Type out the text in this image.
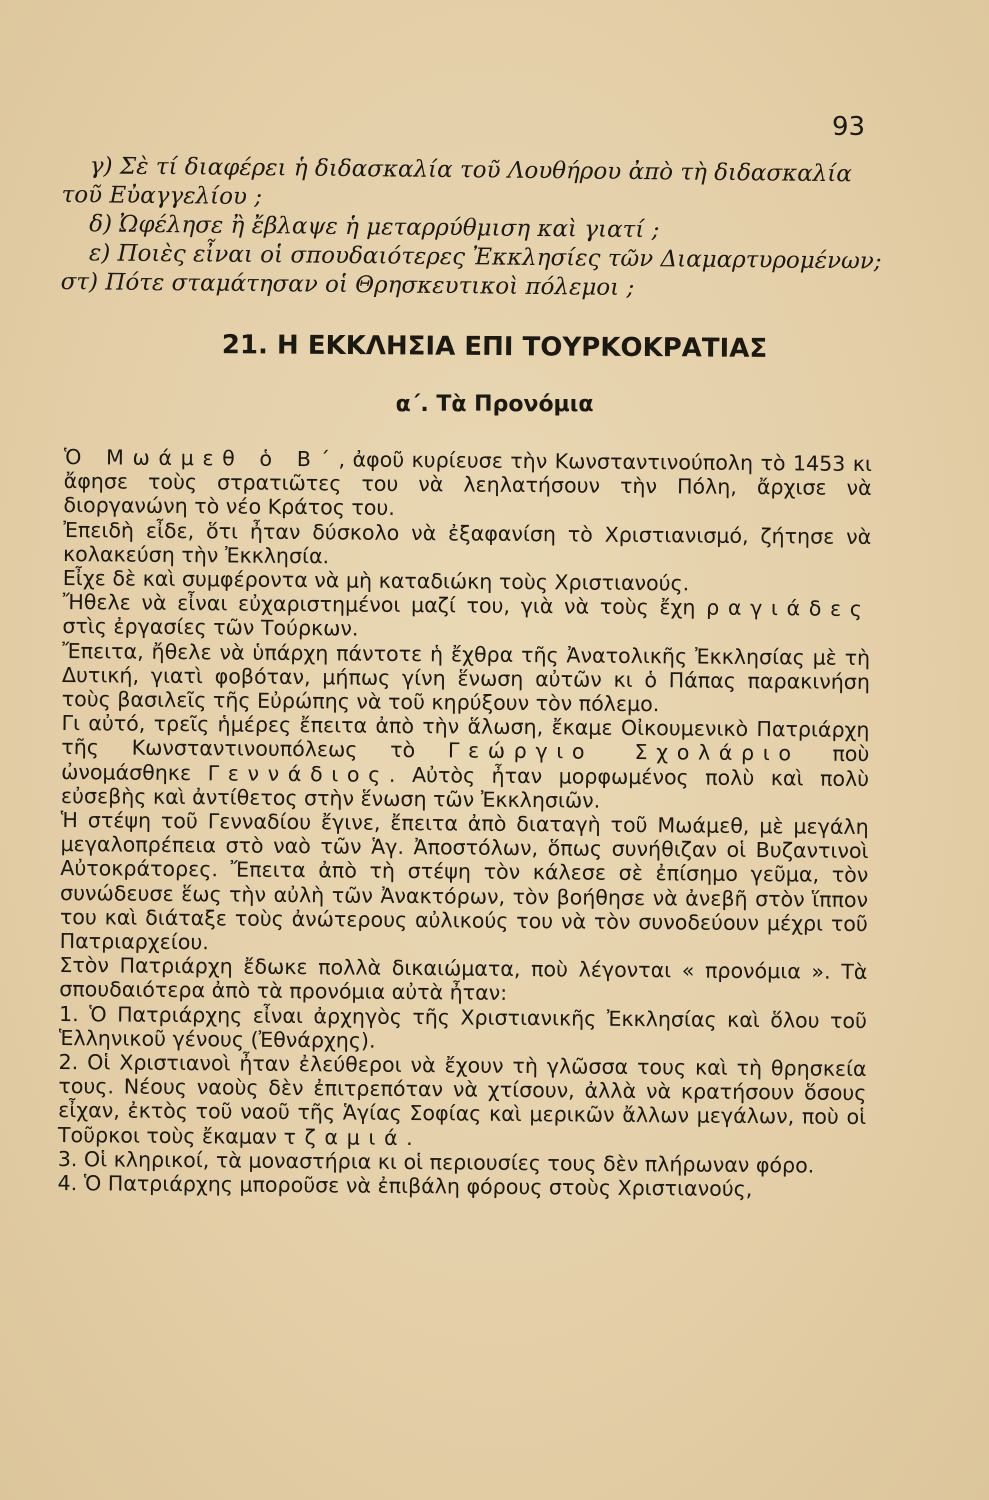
93
γ) Σὲ τί διαφέρει ἡ διδασκαλία τοῦ Λουθήρου ἀπὸ τὴ διδασκαλία
τοῦ Εὐαγγελίου ;
δ) Ὠφέλησε ἢ ἔβλαψε ἡ μεταρρύθμιση καὶ γιατί ;
ε) Ποιὲς εἶναι οἱ σπουδαιότερες Ἐκκλησίες τῶν Διαμαρτυρομένων;
στ) Πότε σταμάτησαν οἱ Θρησκευτικοὶ πόλεμοι ;
21. Η ΕΚΚΛΗΣΙΑ ΕΠΙ ΤΟΥΡΚΟΚΡΑΤΙΑΣ
α΄. Τὰ Προνόμια

Ὁ Μωάμεθ ὁ Β΄, ἀφοῦ κυρίευσε τὴν Κωνσταντινούπολη τὸ 1453 κι ἄφησε τοὺς στρατιῶτες του νὰ λεηλατήσουν τὴν Πόλη, ἄρχισε νὰ διοργανώνη τὸ νέο Κράτος του.

Ἐπειδὴ εἶδε, ὅτι ἦταν δύσκολο νὰ ἐξαφανίση τὸ Χριστιανισμό, ζήτησε νὰ κολακεύση τὴν Ἐκκλησία.

Εἶχε δὲ καὶ συμφέροντα νὰ μὴ καταδιώκη τοὺς Χριστιανούς.

Ἤθελε νὰ εἶναι εὐχαριστημένοι μαζί του, γιὰ νὰ τοὺς ἔχη ραγιάδες στὶς ἐργασίες τῶν Τούρκων.

Ἔπειτα, ἤθελε νὰ ὑπάρχη πάντοτε ἡ ἔχθρα τῆς Ἀνατολικῆς Ἐκκλησίας μὲ τὴ Δυτική, γιατὶ φοβόταν, μήπως γίνη ἕνωση αὐτῶν κι ὁ Πάπας παρακινήση τοὺς βασιλεῖς τῆς Εὐρώπης νὰ τοῦ κηρύξουν τὸν πόλεμο.

Γι αὐτό, τρεῖς ἡμέρες ἔπειτα ἀπὸ τὴν ἅλωση, ἔκαμε Οἰκουμενικὸ Πατριάρχη τῆς Κωνσταντινουπόλεως τὸ Γεώργιο Σχολάριο ποὺ ὠνομάσθηκε Γεννάδιος. Αὐτὸς ἦταν μορφωμένος πολὺ καὶ πολὺ εὐσεβὴς καὶ ἀντίθετος στὴν ἕνωση τῶν Ἐκκλησιῶν.

Ἡ στέψη τοῦ Γενναδίου ἔγινε, ἔπειτα ἀπὸ διαταγὴ τοῦ Μωάμεθ, μὲ μεγάλη μεγαλοπρέπεια στὸ ναὸ τῶν Ἁγ. Ἀποστόλων, ὅπως συνήθιζαν οἱ Βυζαντινοὶ Αὐτοκράτορες. Ἔπειτα ἀπὸ τὴ στέψη τὸν κάλεσε σὲ ἐπίσημο γεῦμα, τὸν συνώδευσε ἕως τὴν αὐλὴ τῶν Ἀνακτόρων, τὸν βοήθησε νὰ ἀνεβῆ στὸν ἵππον του καὶ διάταξε τοὺς ἀνώτερους αὐλικούς του νὰ τὸν συνοδεύουν μέχρι τοῦ Πατριαρχείου.

Στὸν Πατριάρχη ἔδωκε πολλὰ δικαιώματα, ποὺ λέγονται « προνόμια ». Τὰ σπουδαιότερα ἀπὸ τὰ προνόμια αὐτὰ ἦταν:

1. Ὁ Πατριάρχης εἶναι ἀρχηγὸς τῆς Χριστιανικῆς Ἐκκλησίας καὶ ὅλου τοῦ Ἑλληνικοῦ γένους (Ἐθνάρχης).

2. Οἱ Χριστιανοὶ ἦταν ἐλεύθεροι νὰ ἔχουν τὴ γλῶσσα τους καὶ τὴ θρησκεία τους. Νέους ναοὺς δὲν ἐπιτρεπόταν νὰ χτίσουν, ἀλλὰ νὰ κρατήσουν ὅσους εἶχαν, ἐκτὸς τοῦ ναοῦ τῆς Ἁγίας Σοφίας καὶ μερικῶν ἄλλων μεγάλων, ποὺ οἱ Τοῦρκοι τοὺς ἔκαμαν τζαμιά.

3. Οἱ κληρικοί, τὰ μοναστήρια κι οἱ περιουσίες τους δὲν πλήρωναν φόρο.

4. Ὁ Πατριάρχης μποροῦσε νὰ ἐπιβάλη φόρους στοὺς Χριστιανούς,
